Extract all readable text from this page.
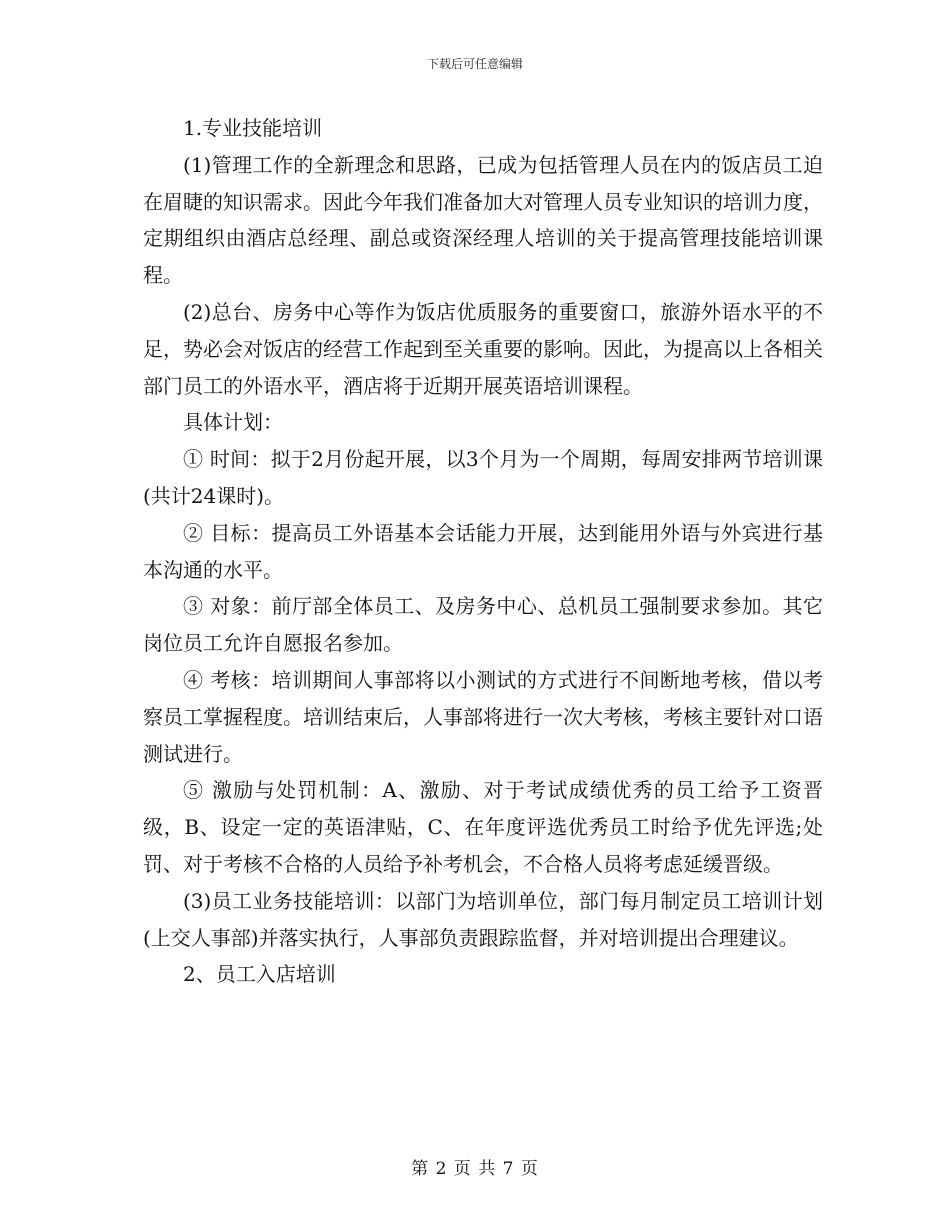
下载后可任意编辑

1.专业技能培训

(1)管理工作的全新理念和思路，已成为包括管理人员在内的饭店员工迫在眉睫的知识需求。因此今年我们准备加大对管理人员专业知识的培训力度，定期组织由酒店总经理、副总或资深经理人培训的关于提高管理技能培训课程。

(2)总台、房务中心等作为饭店优质服务的重要窗口，旅游外语水平的不足，势必会对饭店的经营工作起到至关重要的影响。因此，为提高以上各相关部门员工的外语水平，酒店将于近期开展英语培训课程。

具体计划：

① 时间：拟于2月份起开展，以3个月为一个周期，每周安排两节培训课(共计24课时)。

② 目标：提高员工外语基本会话能力开展，达到能用外语与外宾进行基本沟通的水平。

③ 对象：前厅部全体员工、及房务中心、总机员工强制要求参加。其它岗位员工允许自愿报名参加。

④ 考核：培训期间人事部将以小测试的方式进行不间断地考核，借以考察员工掌握程度。培训结束后，人事部将进行一次大考核，考核主要针对口语测试进行。

⑤ 激励与处罚机制：A、激励、对于考试成绩优秀的员工给予工资晋级，B、设定一定的英语津贴，C、在年度评选优秀员工时给予优先评选;处罚、对于考核不合格的人员给予补考机会，不合格人员将考虑延缓晋级。

(3)员工业务技能培训：以部门为培训单位，部门每月制定员工培训计划(上交人事部)并落实执行，人事部负责跟踪监督，并对培训提出合理建议。

2、员工入店培训

第 2 页 共 7 页
